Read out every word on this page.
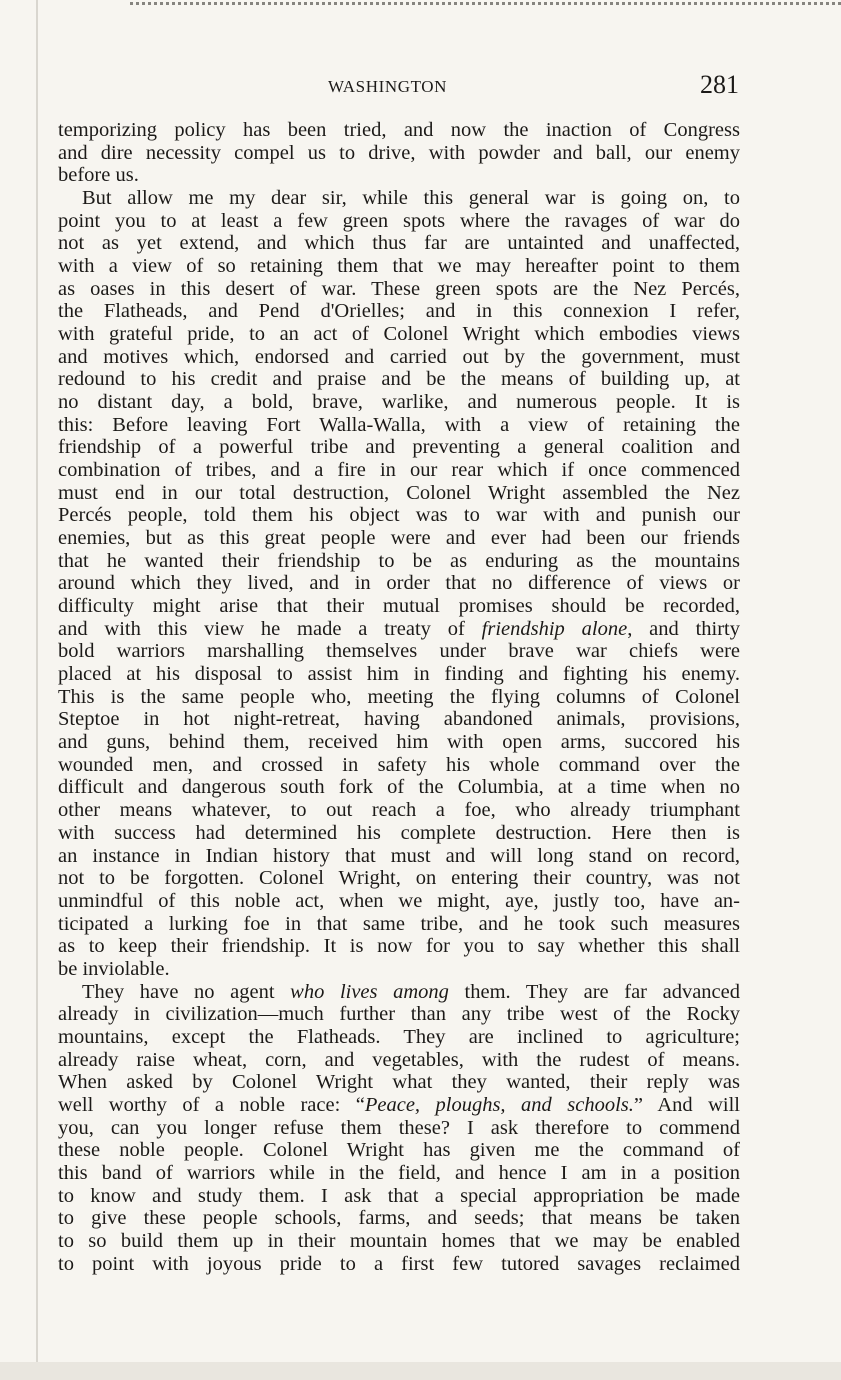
WASHINGTON	281
temporizing policy has been tried, and now the inaction of Congress
and dire necessity compel us to drive, with powder and ball, our enemy
before us.
But allow me my dear sir, while this general war is going on, to
point you to at least a few green spots where the ravages of war do
not as yet extend, and which thus far are untainted and unaffected,
with a view of so retaining them that we may hereafter point to them
as oases in this desert of war. These green spots are the Nez Percés,
the Flatheads, and Pend d'Orielles; and in this connexion I refer,
with grateful pride, to an act of Colonel Wright which embodies views
and motives which, endorsed and carried out by the government, must
redound to his credit and praise and be the means of building up, at
no distant day, a bold, brave, warlike, and numerous people. It is
this: Before leaving Fort Walla-Walla, with a view of retaining the
friendship of a powerful tribe and preventing a general coalition and
combination of tribes, and a fire in our rear which if once commenced
must end in our total destruction, Colonel Wright assembled the Nez
Percés people, told them his object was to war with and punish our
enemies, but as this great people were and ever had been our friends
that he wanted their friendship to be as enduring as the mountains
around which they lived, and in order that no difference of views or
difficulty might arise that their mutual promises should be recorded,
and with this view he made a treaty of friendship alone, and thirty
bold warriors marshalling themselves under brave war chiefs were
placed at his disposal to assist him in finding and fighting his enemy.
This is the same people who, meeting the flying columns of Colonel
Steptoe in hot night-retreat, having abandoned animals, provisions,
and guns, behind them, received him with open arms, succored his
wounded men, and crossed in safety his whole command over the
difficult and dangerous south fork of the Columbia, at a time when no
other means whatever, to out reach a foe, who already triumphant
with success had determined his complete destruction. Here then is
an instance in Indian history that must and will long stand on record,
not to be forgotten. Colonel Wright, on entering their country, was not
unmindful of this noble act, when we might, aye, justly too, have an-
ticipated a lurking foe in that same tribe, and he took such measures
as to keep their friendship. It is now for you to say whether this shall
be inviolable.
They have no agent who lives among them. They are far advanced
already in civilization—much further than any tribe west of the Rocky
mountains, except the Flatheads. They are inclined to agriculture;
already raise wheat, corn, and vegetables, with the rudest of means.
When asked by Colonel Wright what they wanted, their reply was
well worthy of a noble race: “Peace, ploughs, and schools.” And will
you, can you longer refuse them these? I ask therefore to commend
these noble people. Colonel Wright has given me the command of
this band of warriors while in the field, and hence I am in a position
to know and study them. I ask that a special appropriation be made
to give these people schools, farms, and seeds; that means be taken
to so build them up in their mountain homes that we may be enabled
to point with joyous pride to a first few tutored savages reclaimed
